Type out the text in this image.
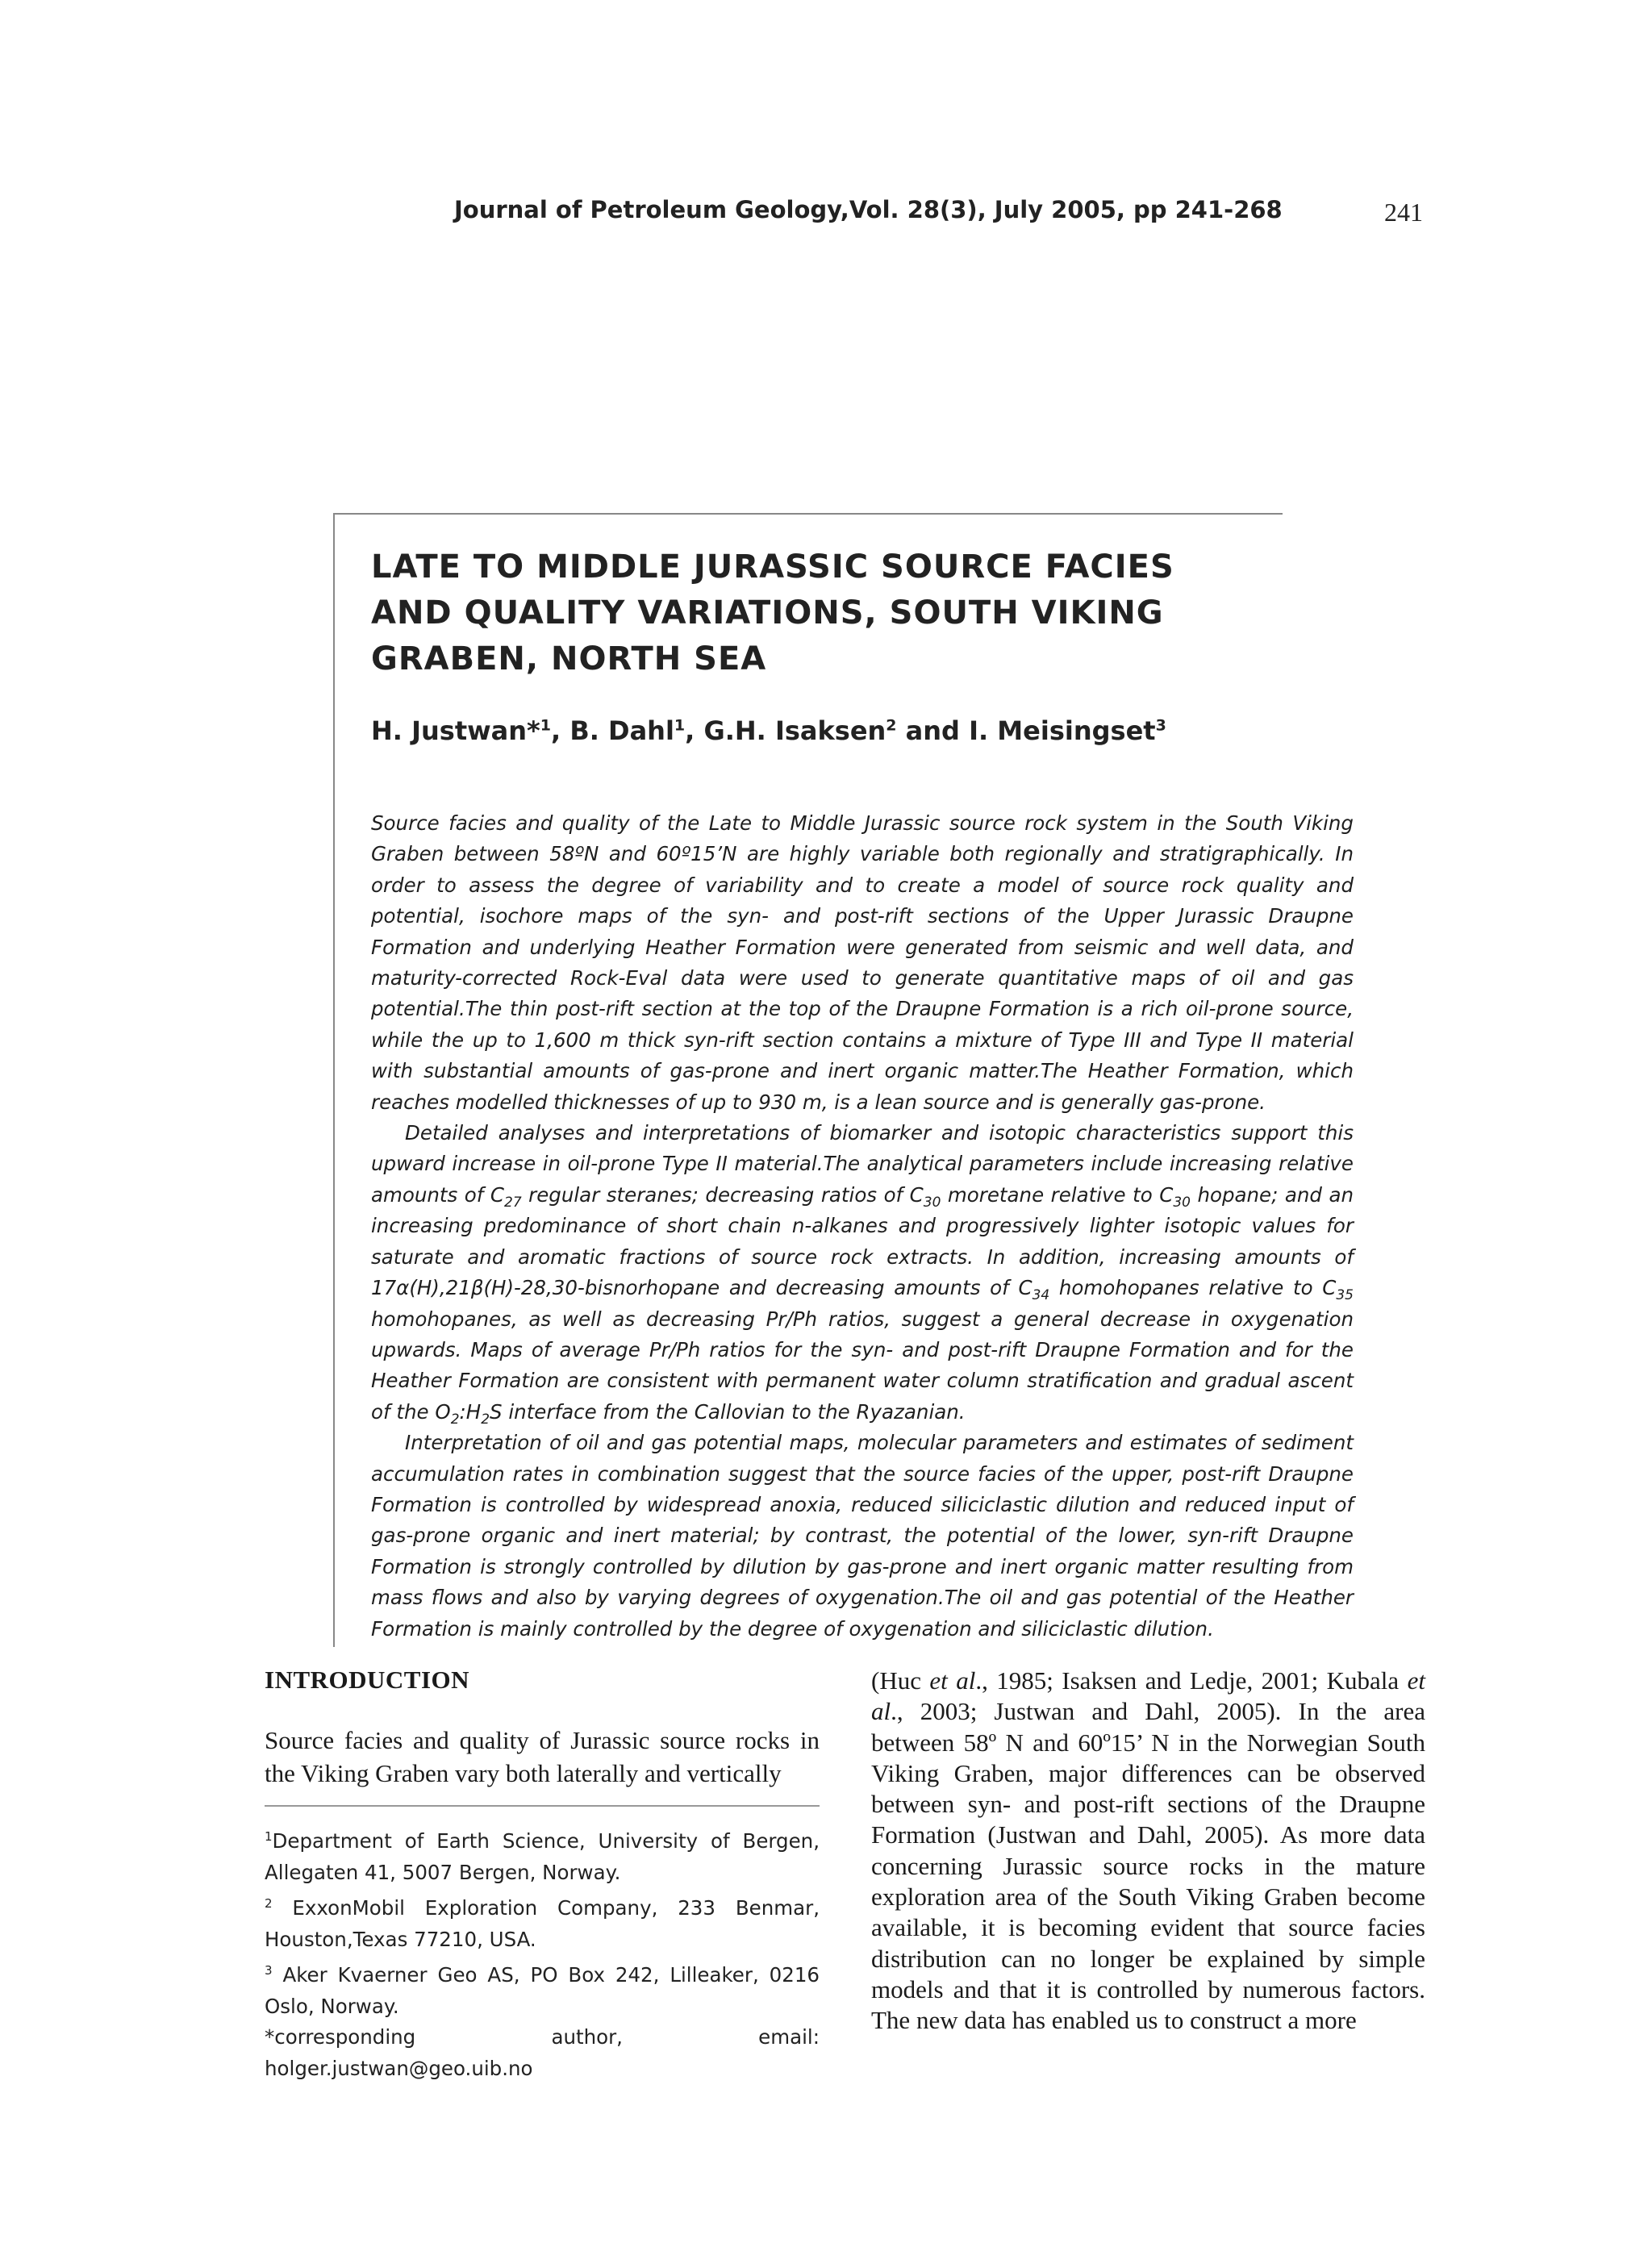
Journal of Petroleum Geology,Vol. 28(3), July 2005, pp 241-268	241
LATE TO MIDDLE JURASSIC SOURCE FACIES
AND QUALITY VARIATIONS, SOUTH VIKING
GRABEN, NORTH SEA

H. Justwan*$^1$, B. Dahl$^1$, G.H. Isaksen$^2$ and I. Meisingset$^3$

Source facies and quality of the Late to Middle Jurassic source rock system in the South Viking Graben between 58ºN and 60º15’N are highly variable both regionally and stratigraphically. In order to assess the degree of variability and to create a model of source rock quality and potential, isochore maps of the syn- and post-rift sections of the Upper Jurassic Draupne Formation and underlying Heather Formation were generated from seismic and well data, and maturity-corrected Rock-Eval data were used to generate quantitative maps of oil and gas potential.The thin post-rift section at the top of the Draupne Formation is a rich oil-prone source, while the up to 1,600 m thick syn-rift section contains a mixture of Type III and Type II material with substantial amounts of gas-prone and inert organic matter.The Heather Formation, which reaches modelled thicknesses of up to 930 m, is a lean source and is generally gas-prone.

Detailed analyses and interpretations of biomarker and isotopic characteristics support this upward increase in oil-prone Type II material.The analytical parameters include increasing relative amounts of $C_{27}$ regular steranes; decreasing ratios of $C_{30}$ moretane relative to $C_{30}$ hopane; and an increasing predominance of short chain n-alkanes and progressively lighter isotopic values for saturate and aromatic fractions of source rock extracts. In addition, increasing amounts of 17α(H),21β(H)-28,30-bisnorhopane and decreasing amounts of $C_{34}$ homohopanes relative to $C_{35}$ homohopanes, as well as decreasing Pr/Ph ratios, suggest a general decrease in oxygenation upwards. Maps of average Pr/Ph ratios for the syn- and post-rift Draupne Formation and for the Heather Formation are consistent with permanent water column stratification and gradual ascent of the $O_2:H_2S$ interface from the Callovian to the Ryazanian.

Interpretation of oil and gas potential maps, molecular parameters and estimates of sediment accumulation rates in combination suggest that the source facies of the upper, post-rift Draupne Formation is controlled by widespread anoxia, reduced siliciclastic dilution and reduced input of gas-prone organic and inert material; by contrast, the potential of the lower, syn-rift Draupne Formation is strongly controlled by dilution by gas-prone and inert organic matter resulting from mass flows and also by varying degrees of oxygenation.The oil and gas potential of the Heather Formation is mainly controlled by the degree of oxygenation and siliciclastic dilution.

INTRODUCTION

Source facies and quality of Jurassic source rocks in the Viking Graben vary both laterally and vertically

$^1$Department of Earth Science, University of Bergen, Allegaten 41, 5007 Bergen, Norway.

$^2$ ExxonMobil Exploration Company, 233 Benmar, Houston,Texas 77210, USA.

$^3$ Aker Kvaerner Geo AS, PO Box 242, Lilleaker, 0216 Oslo, Norway.

*corresponding author, email: holger.justwan@geo.uib.no

(Huc et al., 1985; Isaksen and Ledje, 2001; Kubala et al., 2003; Justwan and Dahl, 2005). In the area between 58º N and 60º15’ N in the Norwegian South Viking Graben, major differences can be observed between syn- and post-rift sections of the Draupne Formation (Justwan and Dahl, 2005). As more data concerning Jurassic source rocks in the mature exploration area of the South Viking Graben become available, it is becoming evident that source facies distribution can no longer be explained by simple models and that it is controlled by numerous factors. The new data has enabled us to construct a more
